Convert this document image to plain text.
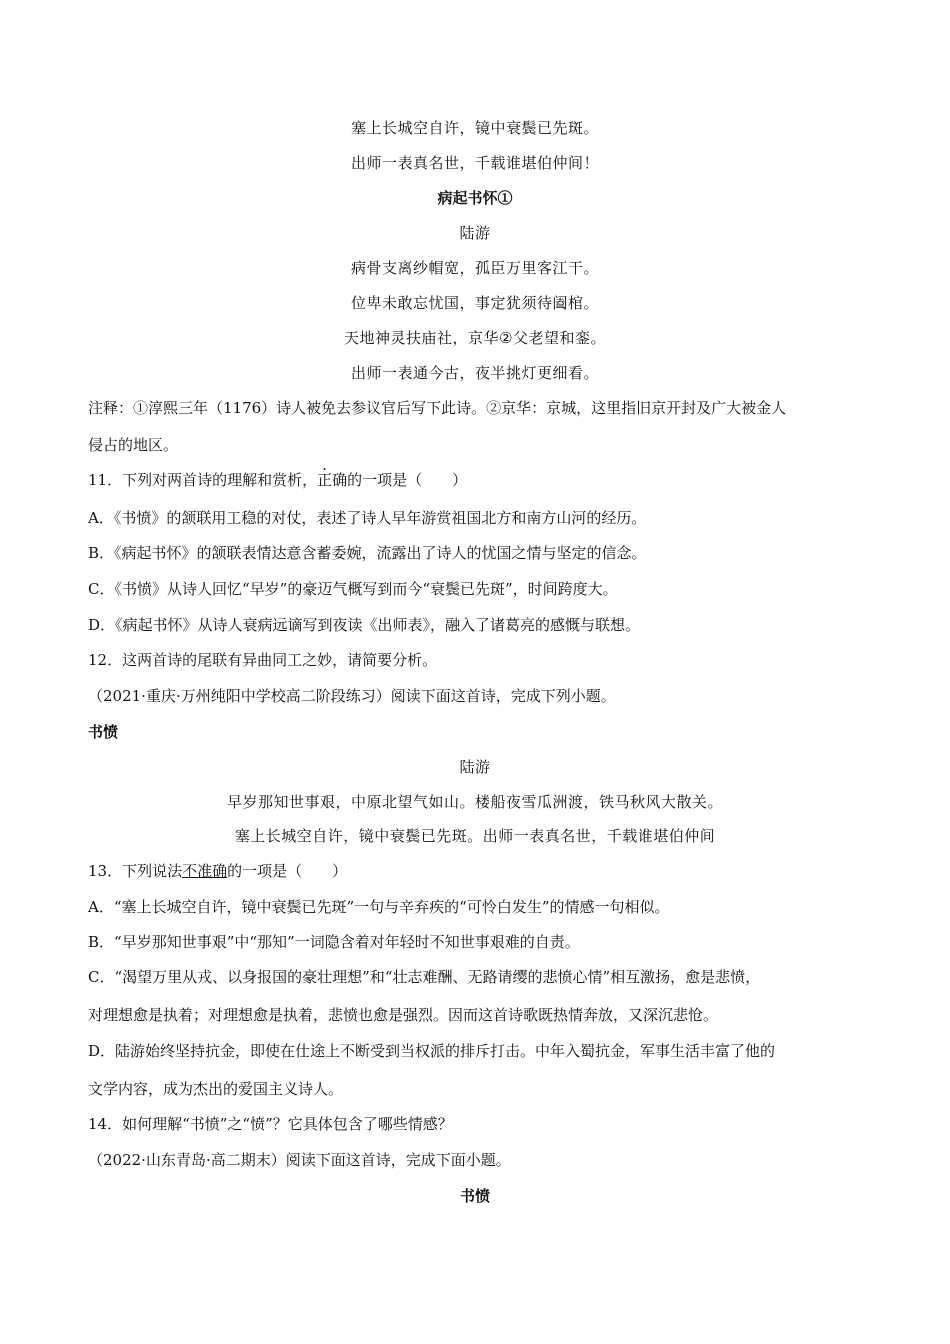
塞上长城空自许，镜中衰鬓已先斑。
出师一表真名世，千载谁堪伯仲间！
病起书怀①
陆游
病骨支离纱帽宽，孤臣万里客江干。
位卑未敢忘忧国，事定犹须待阖棺。
天地神灵扶庙社，京华②父老望和銮。
出师一表通今古，夜半挑灯更细看。
注释：①淳熙三年（1176）诗人被免去参议官后写下此诗。②京华：京城，这里指旧京开封及广大被金人
侵占的地区。
11．下列对两首诗的理解和赏析，正确的一项是（　　）
A．《书愤》的颔联用工稳的对仗，表述了诗人早年游赏祖国北方和南方山河的经历。
B．《病起书怀》的颔联表情达意含蓄委婉，流露出了诗人的忧国之情与坚定的信念。
C．《书愤》从诗人回忆“早岁”的豪迈气概写到而今“衰鬓已先斑”，时间跨度大。
D．《病起书怀》从诗人衰病远谪写到夜读《出师表》，融入了诸葛亮的感慨与联想。
12．这两首诗的尾联有异曲同工之妙，请简要分析。
（2021·重庆·万州纯阳中学校高二阶段练习）阅读下面这首诗，完成下列小题。
书愤
陆游
早岁那知世事艰，中原北望气如山。楼船夜雪瓜洲渡，铁马秋风大散关。
塞上长城空自许，镜中衰鬓已先斑。出师一表真名世，千载谁堪伯仲间
13．下列说法不准确的一项是（　　）
A．“塞上长城空自许，镜中衰鬓已先斑”一句与辛弃疾的“可怜白发生”的情感一句相似。
B．“早岁那知世事艰”中“那知”一词隐含着对年轻时不知世事艰难的自责。
C．“渴望万里从戎、以身报国的豪壮理想”和“壮志难酬、无路请缨的悲愤心情”相互激扬，愈是悲愤，
对理想愈是执着；对理想愈是执着，悲愤也愈是强烈。因而这首诗歌既热情奔放，又深沉悲怆。
D．陆游始终坚持抗金，即使在仕途上不断受到当权派的排斥打击。中年入蜀抗金，军事生活丰富了他的
文学内容，成为杰出的爱国主义诗人。
14．如何理解“书愤”之“愤”？它具体包含了哪些情感？
（2022·山东青岛·高二期末）阅读下面这首诗，完成下面小题。
书愤
